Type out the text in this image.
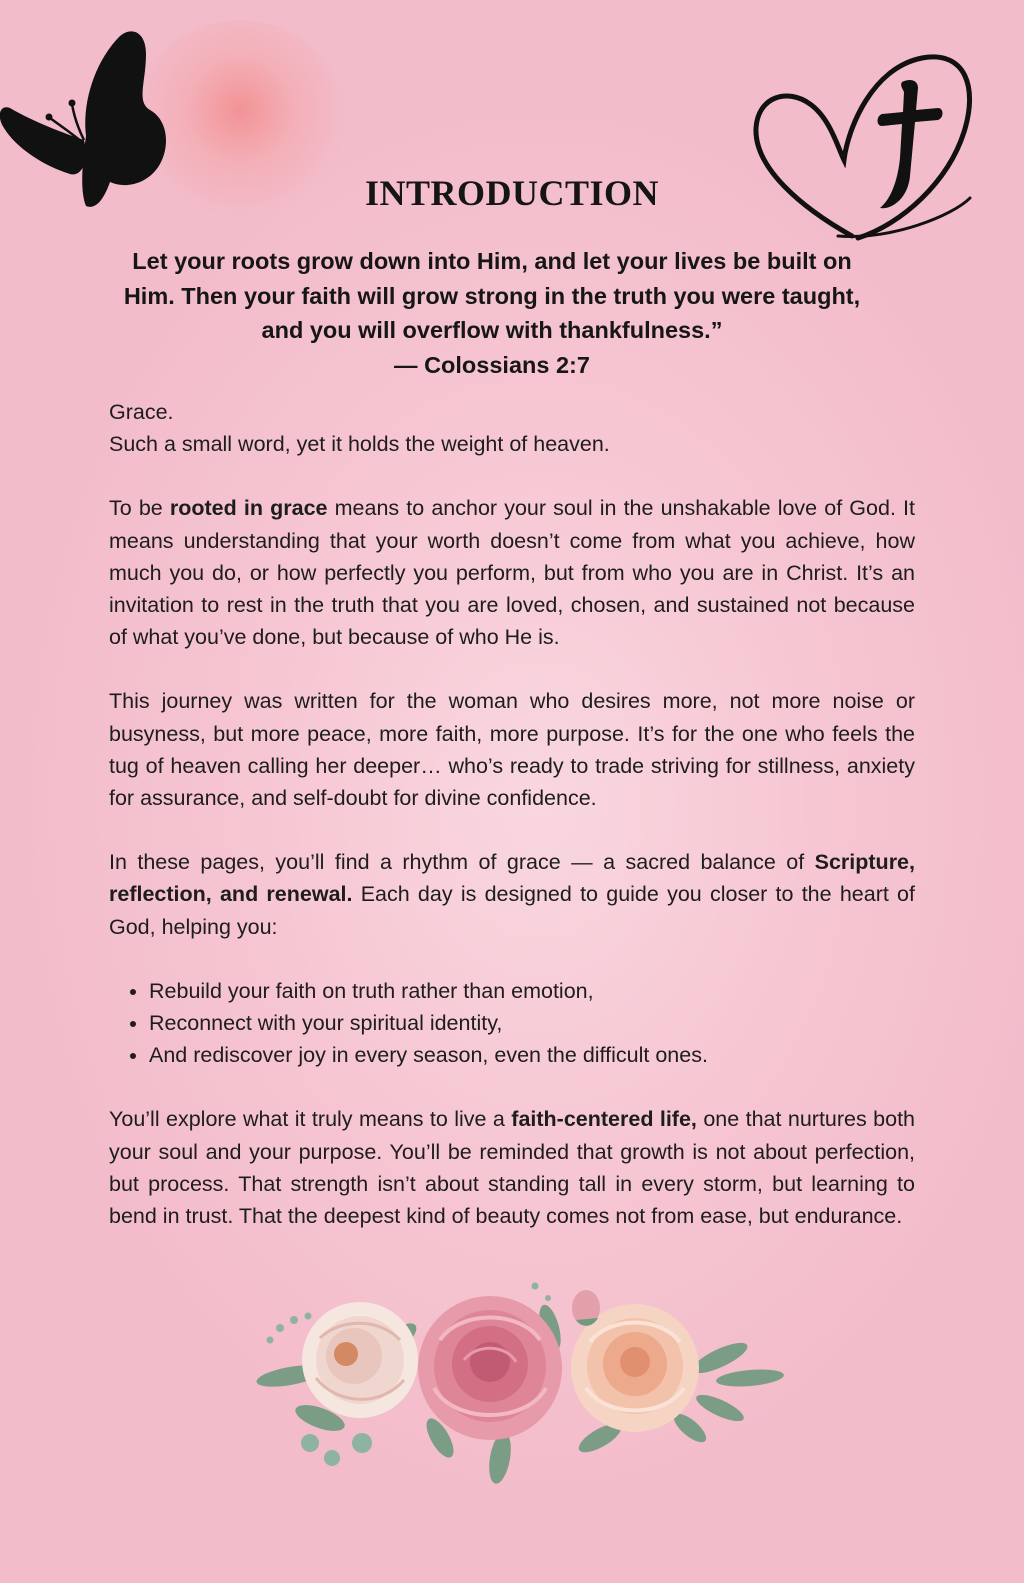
INTRODUCTION

Let your roots grow down into Him, and let your lives be built on Him. Then your faith will grow strong in the truth you were taught, and you will overflow with thankfulness.”

— Colossians 2:7

Grace.
Such a small word, yet it holds the weight of heaven.

To be rooted in grace means to anchor your soul in the unshakable love of God. It means understanding that your worth doesn’t come from what you achieve, how much you do, or how perfectly you perform, but from who you are in Christ. It’s an invitation to rest in the truth that you are loved, chosen, and sustained not because of what you’ve done, but because of who He is.

This journey was written for the woman who desires more, not more noise or busyness, but more peace, more faith, more purpose. It’s for the one who feels the tug of heaven calling her deeper… who’s ready to trade striving for stillness, anxiety for assurance, and self-doubt for divine confidence.

In these pages, you’ll find a rhythm of grace — a sacred balance of Scripture, reflection, and renewal. Each day is designed to guide you closer to the heart of God, helping you:

• Rebuild your faith on truth rather than emotion,
• Reconnect with your spiritual identity,
• And rediscover joy in every season, even the difficult ones.

You’ll explore what it truly means to live a faith-centered life, one that nurtures both your soul and your purpose. You’ll be reminded that growth is not about perfection, but process. That strength isn’t about standing tall in every storm, but learning to bend in trust. That the deepest kind of beauty comes not from ease, but endurance.
